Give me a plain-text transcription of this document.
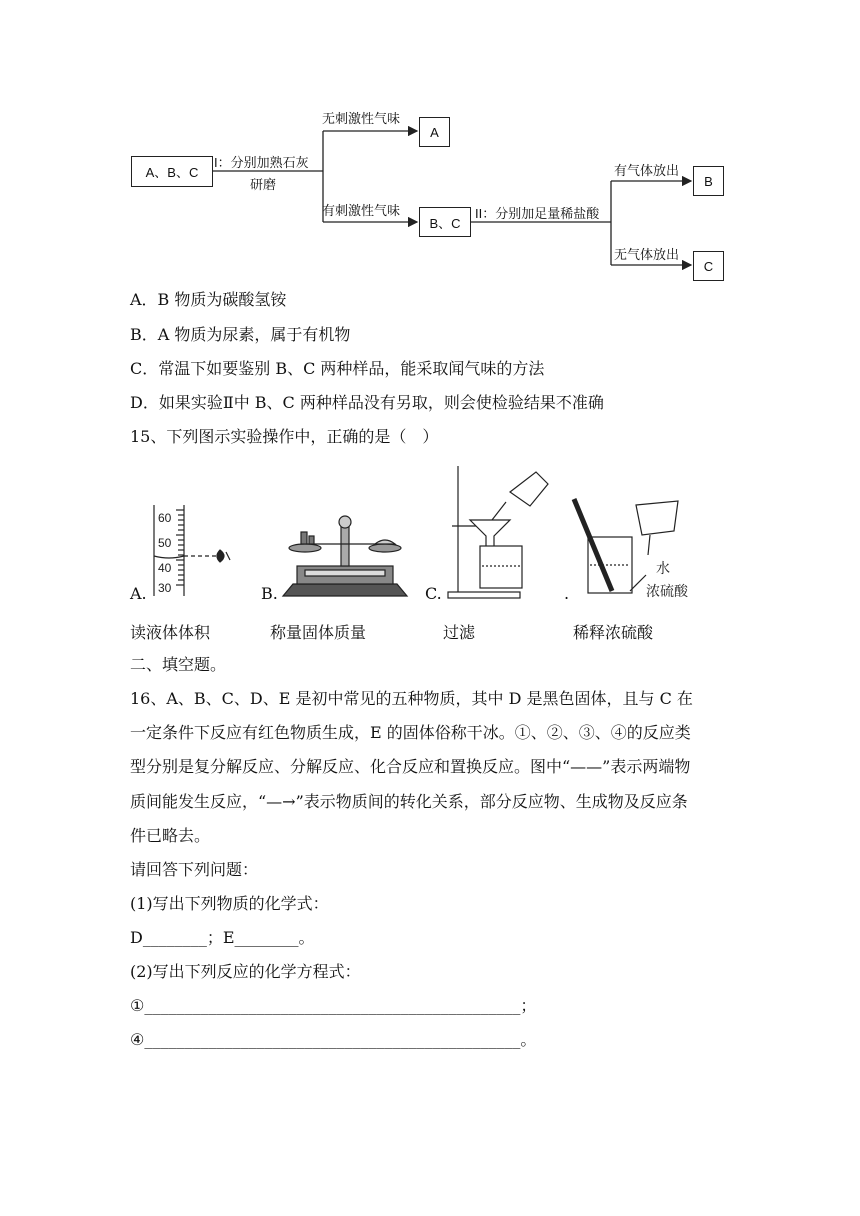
A、B、C
I：分别加熟石灰
研磨
无刺激性气味
A
有刺激性气味
B、C
II：分别加足量稀盐酸
有气体放出
B
无气体放出
C
A．B 物质为碳酸氢铵
B．A 物质为尿素，属于有机物
C．常温下如要鉴别 B、C 两种样品，能采取闻气味的方法
D．如果实验Ⅱ中 B、C 两种样品没有另取，则会使检验结果不准确
15、下列图示实验操作中，正确的是（　）
60
50
40
30
水
浓硫酸
A.	B.	C.	.
读液体体积	称量固体质量	过滤	稀释浓硫酸
二、填空题。
16、A、B、C、D、E 是初中常见的五种物质，其中 D 是黑色固体，且与 C 在
一定条件下反应有红色物质生成，E 的固体俗称干冰。①、②、③、④的反应类
型分别是复分解反应、分解反应、化合反应和置换反应。图中“——”表示两端物
质间能发生反应，“—→”表示物质间的转化关系，部分反应物、生成物及反应条
件已略去。
请回答下列问题：
(1)写出下列物质的化学式：
D________；E________。
(2)写出下列反应的化学方程式：
①_______________________________________________；
④_______________________________________________。
